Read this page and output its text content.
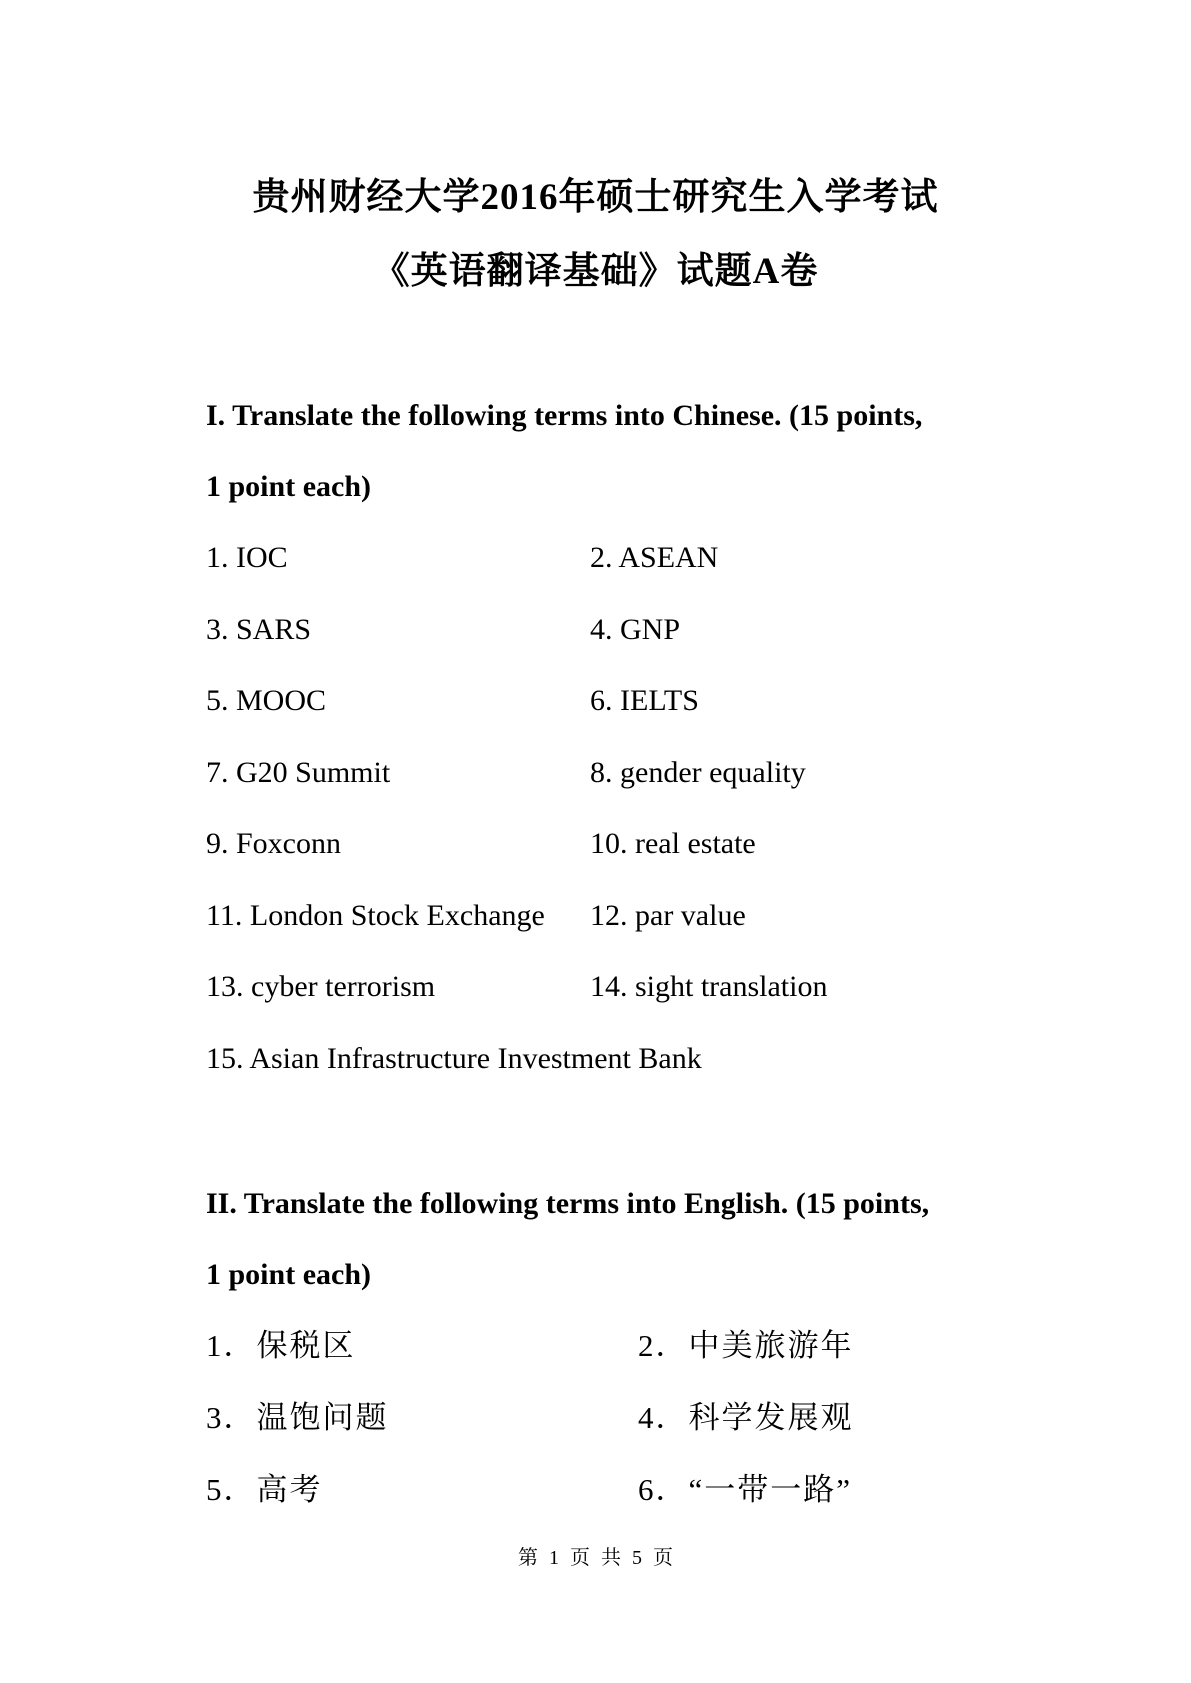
贵州财经大学2016年硕士研究生入学考试
《英语翻译基础》试题A卷
I. Translate the following terms into Chinese. (15 points,
1 point each)
1. IOC	2. ASEAN
3. SARS	4. GNP
5. MOOC	6. IELTS
7. G20 Summit	8. gender equality
9. Foxconn	10. real estate
11. London Stock Exchange 12. par value
13. cyber terrorism	14. sight translation
15. Asian Infrastructure Investment Bank
II. Translate the following terms into English. (15 points,
1 point each)
1．保税区	2．中美旅游年
3．温饱问题	4．科学发展观
5．高考	6．“一带一路”
第 1 页 共 5 页
